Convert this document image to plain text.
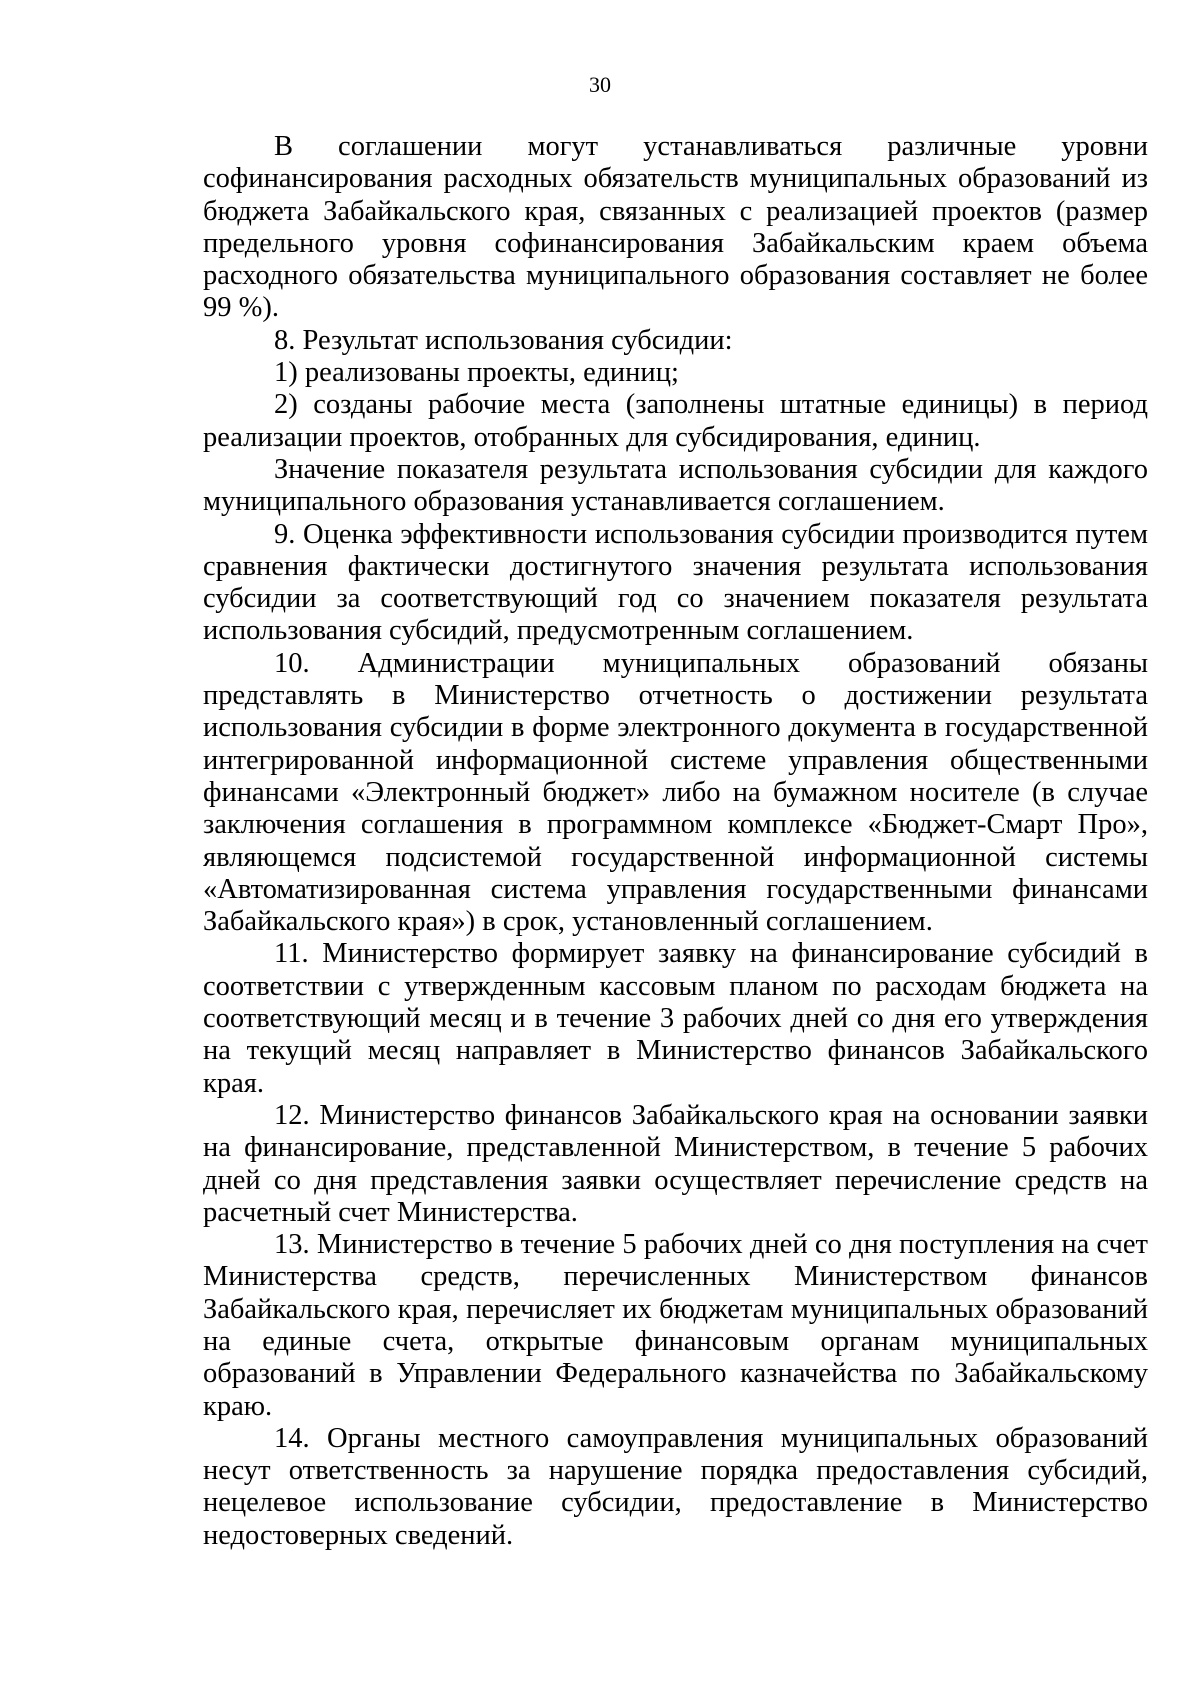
30

В соглашении могут устанавливаться различные уровни софинансирования расходных обязательств муниципальных образований из бюджета Забайкальского края, связанных с реализацией проектов (размер предельного уровня софинансирования Забайкальским краем объема расходного обязательства муниципального образования составляет не более 99 %).

8. Результат использования субсидии:

1) реализованы проекты, единиц;

2) созданы рабочие места (заполнены штатные единицы) в период реализации проектов, отобранных для субсидирования, единиц.

Значение показателя результата использования субсидии для каждого муниципального образования устанавливается соглашением.

9. Оценка эффективности использования субсидии производится путем сравнения фактически достигнутого значения результата использования субсидии за соответствующий год со значением показателя результата использования субсидий, предусмотренным соглашением.

10. Администрации муниципальных образований обязаны представлять в Министерство отчетность о достижении результата использования субсидии в форме электронного документа в государственной интегрированной информационной системе управления общественными финансами «Электронный бюджет» либо на бумажном носителе (в случае заключения соглашения в программном комплексе «Бюджет-Смарт Про», являющемся подсистемой государственной информационной системы «Автоматизированная система управления государственными финансами Забайкальского края») в срок, установленный соглашением.

11. Министерство формирует заявку на финансирование субсидий в соответствии с утвержденным кассовым планом по расходам бюджета на соответствующий месяц и в течение 3 рабочих дней со дня его утверждения на текущий месяц направляет в Министерство финансов Забайкальского края.

12. Министерство финансов Забайкальского края на основании заявки на финансирование, представленной Министерством, в течение 5 рабочих дней со дня представления заявки осуществляет перечисление средств на расчетный счет Министерства.

13. Министерство в течение 5 рабочих дней со дня поступления на счет Министерства средств, перечисленных Министерством финансов Забайкальского края, перечисляет их бюджетам муниципальных образований на единые счета, открытые финансовым органам муниципальных образований в Управлении Федерального казначейства по Забайкальскому краю.

14. Органы местного самоуправления муниципальных образований несут ответственность за нарушение порядка предоставления субсидий, нецелевое использование субсидии, предоставление в Министерство недостоверных сведений.
